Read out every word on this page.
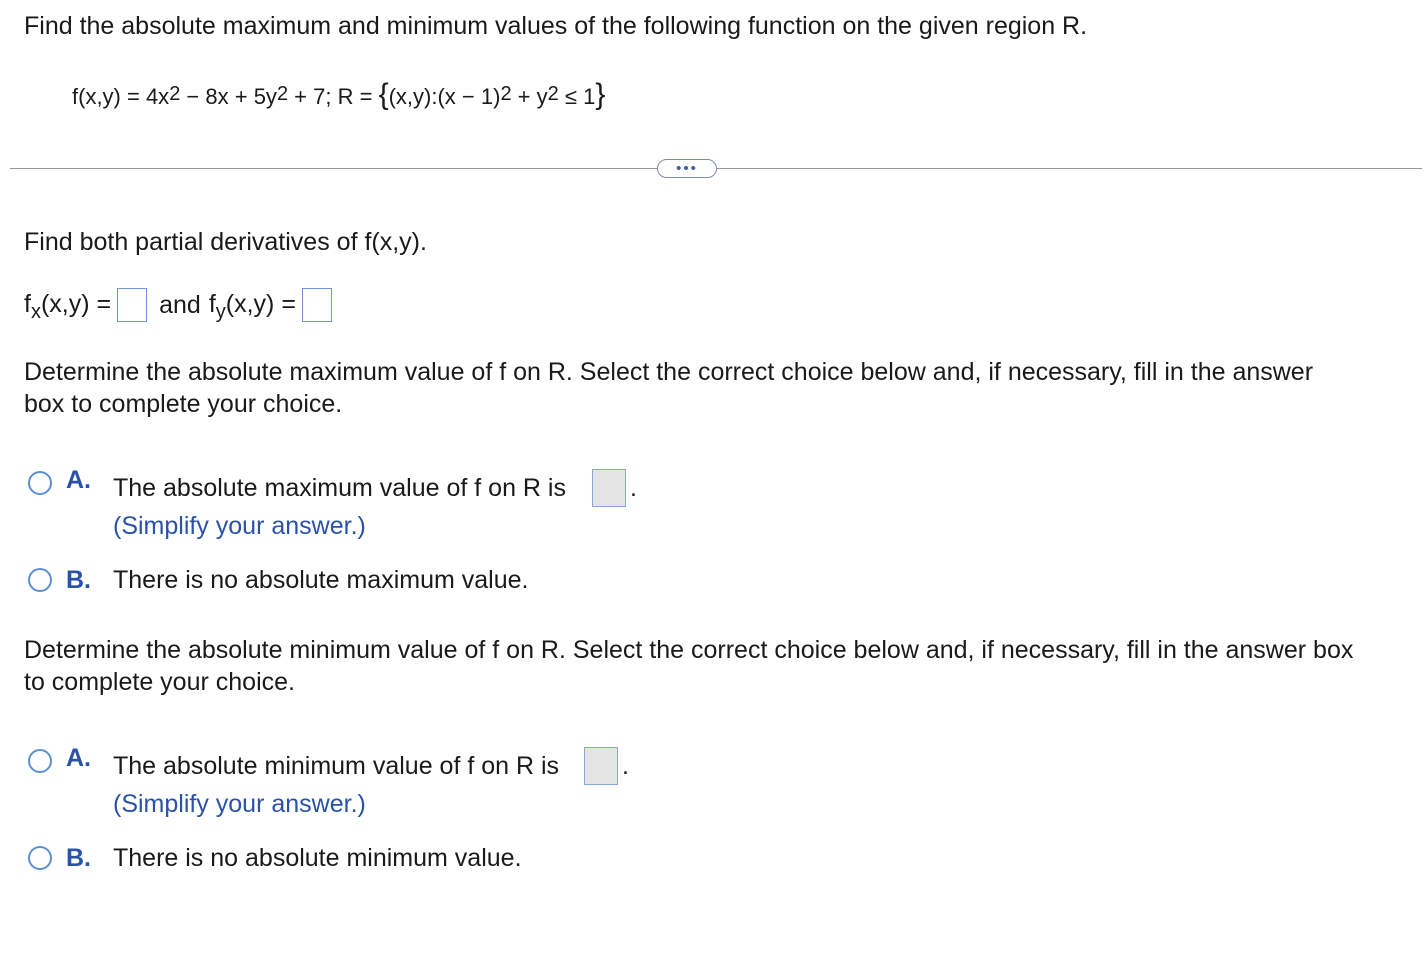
Find the absolute maximum and minimum values of the following function on the given region R.
$f(x,y) = 4x^2 - 8x + 5y^2 + 7$; R = {(x,y):(x − $1)^2 + y^2 \le 1$}
•••
Find both partial derivatives of f(x,y).
$f_x(x,y)$ = and $f_y(x,y)$ =
Determine the absolute maximum value of f on R. Select the correct choice below and, if necessary, fill in the answer
box to complete your choice.
A. The absolute maximum value of f on R is	.
(Simplify your answer.)
B. There is no absolute maximum value.
Determine the absolute minimum value of f on R. Select the correct choice below and, if necessary, fill in the answer box
to complete your choice.
A. The absolute minimum value of f on R is	.
(Simplify your answer.)
B. There is no absolute minimum value.
